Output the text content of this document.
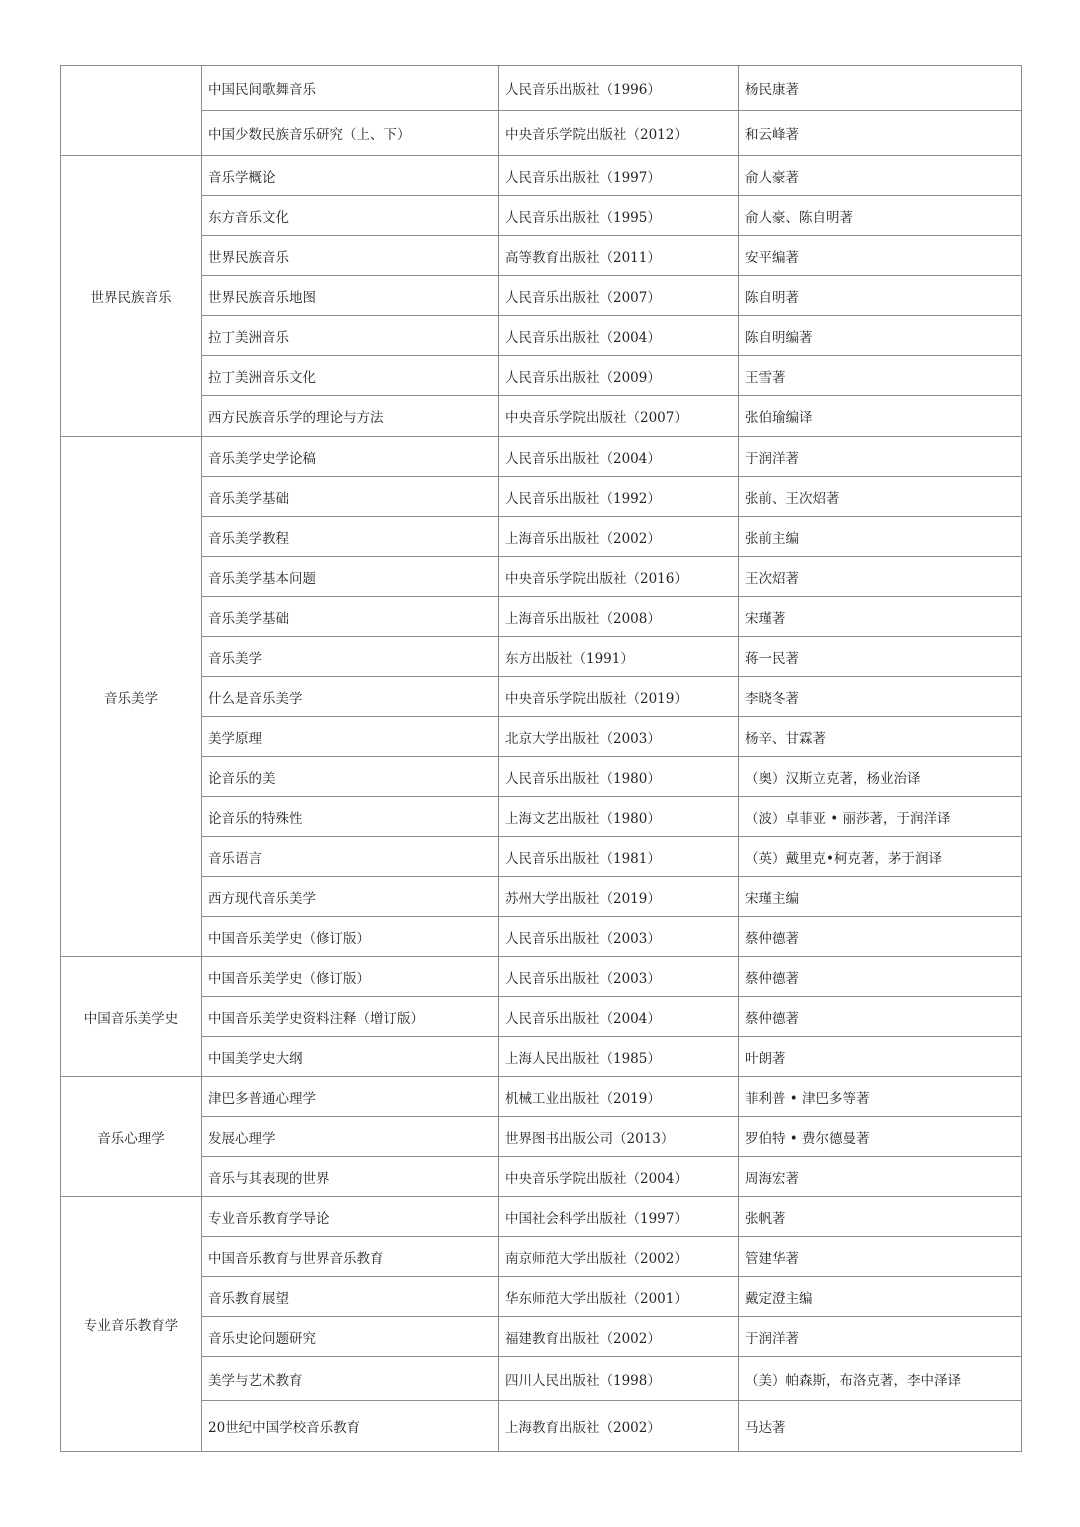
	中国民间歌舞音乐	人民音乐出版社（1996）	杨民康著
	中国少数民族音乐研究（上、下）	中央音乐学院出版社（2012）	和云峰著
世界民族音乐	音乐学概论	人民音乐出版社（1997）	俞人豪著
	东方音乐文化	人民音乐出版社（1995）	俞人豪、陈自明著
	世界民族音乐	高等教育出版社（2011）	安平编著
	世界民族音乐地图	人民音乐出版社（2007）	陈自明著
	拉丁美洲音乐	人民音乐出版社（2004）	陈自明编著
	拉丁美洲音乐文化	人民音乐出版社（2009）	王雪著
	西方民族音乐学的理论与方法	中央音乐学院出版社（2007）	张伯瑜编译
音乐美学	音乐美学史学论稿	人民音乐出版社（2004）	于润洋著
	音乐美学基础	人民音乐出版社（1992）	张前、王次炤著
	音乐美学教程	上海音乐出版社（2002）	张前主编
	音乐美学基本问题	中央音乐学院出版社（2016）	王次炤著
	音乐美学基础	上海音乐出版社（2008）	宋瑾著
	音乐美学	东方出版社（1991）	蒋一民著
	什么是音乐美学	中央音乐学院出版社（2019）	李晓冬著
	美学原理	北京大学出版社（2003）	杨辛、甘霖著
	论音乐的美	人民音乐出版社（1980）	（奥）汉斯立克著，杨业治译
	论音乐的特殊性	上海文艺出版社（1980）	（波）卓菲亚 • 丽莎著，于润洋译
	音乐语言	人民音乐出版社（1981）	（英）戴里克•柯克著，茅于润译
	西方现代音乐美学	苏州大学出版社（2019）	宋瑾主编
	中国音乐美学史（修订版）	人民音乐出版社（2003）	蔡仲德著
中国音乐美学史	中国音乐美学史（修订版）	人民音乐出版社（2003）	蔡仲德著
	中国音乐美学史资料注释（增订版）	人民音乐出版社（2004）	蔡仲德著
	中国美学史大纲	上海人民出版社（1985）	叶朗著
音乐心理学	津巴多普通心理学	机械工业出版社（2019）	菲利普 • 津巴多等著
	发展心理学	世界图书出版公司（2013）	罗伯特 • 费尔德曼著
	音乐与其表现的世界	中央音乐学院出版社（2004）	周海宏著
专业音乐教育学	专业音乐教育学导论	中国社会科学出版社（1997）	张帆著
	中国音乐教育与世界音乐教育	南京师范大学出版社（2002）	管建华著
	音乐教育展望	华东师范大学出版社（2001）	戴定澄主编
	音乐史论问题研究	福建教育出版社（2002）	于润洋著
	美学与艺术教育	四川人民出版社（1998）	（美）帕森斯，布洛克著，李中泽译
	20世纪中国学校音乐教育	上海教育出版社（2002）	马达著
